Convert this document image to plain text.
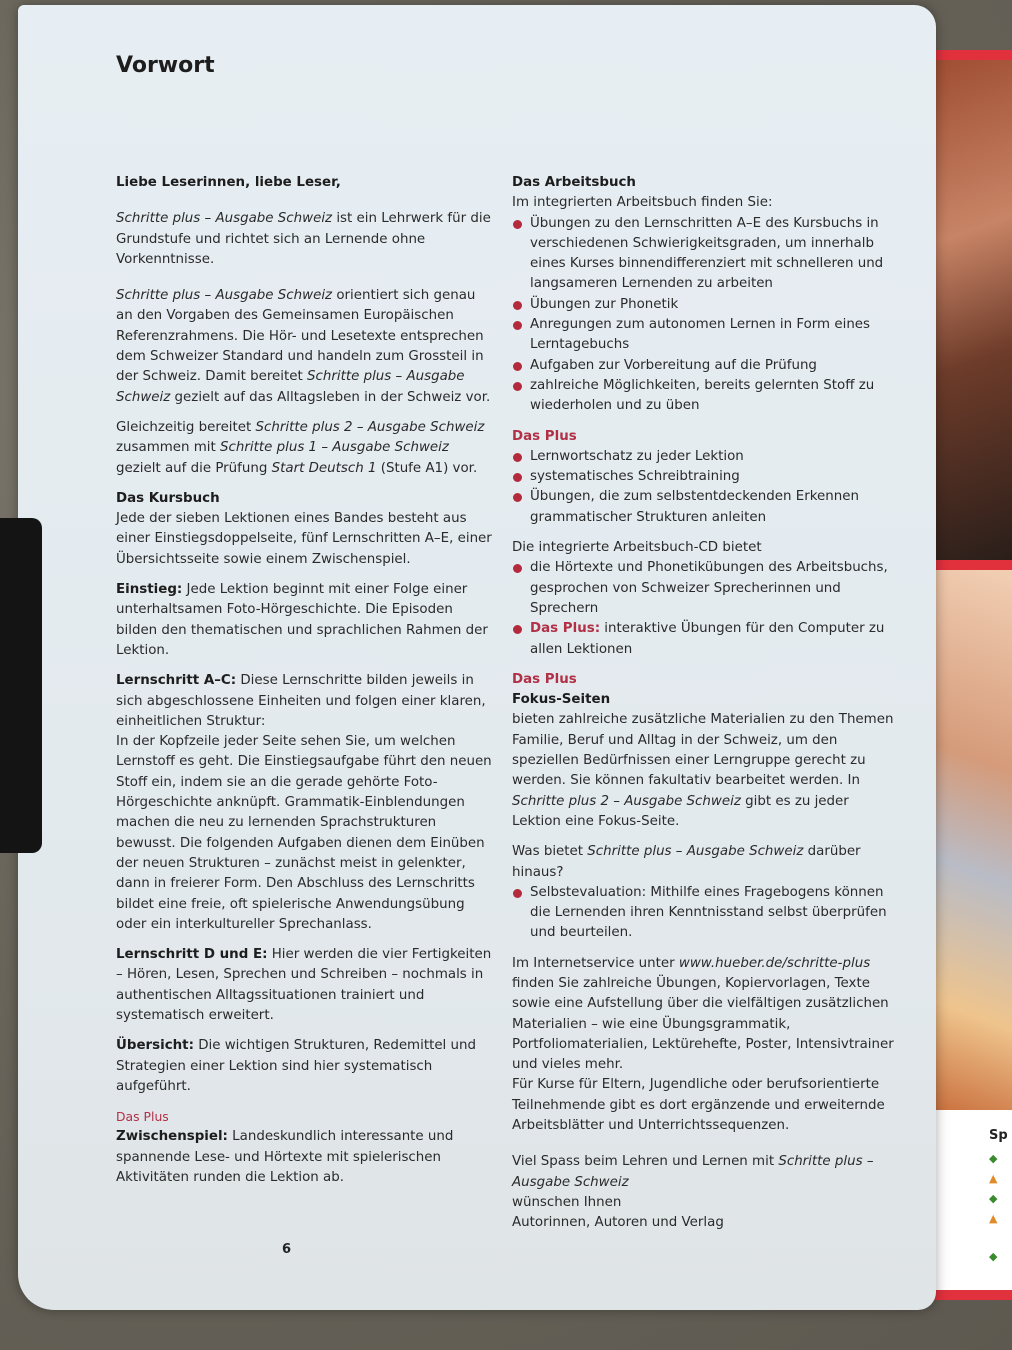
Sp
◆
▲
◆
▲
◆
Vorwort

Liebe Leserinnen, liebe Leser,

Schritte plus – Ausgabe Schweiz ist ein Lehrwerk für die Grundstufe und richtet sich an Lernende ohne Vorkenntnisse.

Schritte plus – Ausgabe Schweiz orientiert sich genau an den Vorgaben des Gemeinsamen Europäischen Referenzrahmens. Die Hör- und Lesetexte entsprechen dem Schweizer Standard und handeln zum Grossteil in der Schweiz. Damit bereitet Schritte plus – Ausgabe Schweiz gezielt auf das Alltagsleben in der Schweiz vor.

Gleichzeitig bereitet Schritte plus 2 – Ausgabe Schweiz zusammen mit Schritte plus 1 – Ausgabe Schweiz gezielt auf die Prüfung Start Deutsch 1 (Stufe A1) vor.

Das Kursbuch

Jede der sieben Lektionen eines Bandes besteht aus einer Einstiegsdoppelseite, fünf Lernschritten A–E, einer Übersichtsseite sowie einem Zwischenspiel.

Einstieg: Jede Lektion beginnt mit einer Folge einer unterhaltsamen Foto-Hörgeschichte. Die Episoden bilden den thematischen und sprachlichen Rahmen der Lektion.

Lernschritt A–C: Diese Lernschritte bilden jeweils in sich abgeschlossene Einheiten und folgen einer klaren, einheitlichen Struktur:

In der Kopfzeile jeder Seite sehen Sie, um welchen Lernstoff es geht. Die Einstiegsaufgabe führt den neuen Stoff ein, indem sie an die gerade gehörte Foto-Hörgeschichte anknüpft. Grammatik-Einblendungen machen die neu zu lernenden Sprachstrukturen bewusst. Die folgenden Aufgaben dienen dem Einüben der neuen Strukturen – zunächst meist in gelenkter, dann in freierer Form. Den Abschluss des Lernschritts bildet eine freie, oft spielerische Anwendungsübung oder ein interkultureller Sprechanlass.

Lernschritt D und E: Hier werden die vier Fertigkeiten – Hören, Lesen, Sprechen und Schreiben – nochmals in authentischen Alltagssituationen trainiert und systematisch erweitert.

Übersicht: Die wichtigen Strukturen, Redemittel und Strategien einer Lektion sind hier systematisch aufgeführt.

Das Plus

Zwischenspiel: Landeskundlich interessante und spannende Lese- und Hörtexte mit spielerischen Aktivitäten runden die Lektion ab.

Das Arbeitsbuch

Im integrierten Arbeitsbuch finden Sie:

Übungen zu den Lernschritten A–E des Kursbuchs in verschiedenen Schwierigkeitsgraden, um innerhalb eines Kurses binnendifferenziert mit schnelleren und langsameren Lernenden zu arbeiten
Übungen zur Phonetik
Anregungen zum autonomen Lernen in Form eines Lerntagebuchs
Aufgaben zur Vorbereitung auf die Prüfung
zahlreiche Möglichkeiten, bereits gelernten Stoff zu wiederholen und zu üben

Das Plus

Lernwortschatz zu jeder Lektion
systematisches Schreibtraining
Übungen, die zum selbstentdeckenden Erkennen grammatischer Strukturen anleiten

Die integrierte Arbeitsbuch-CD bietet

die Hörtexte und Phonetikübungen des Arbeitsbuchs, gesprochen von Schweizer Sprecherinnen und Sprechern
Das Plus: interaktive Übungen für den Computer zu allen Lektionen

Das Plus

Fokus-Seiten

bieten zahlreiche zusätzliche Materialien zu den Themen Familie, Beruf und Alltag in der Schweiz, um den speziellen Bedürfnissen einer Lerngruppe gerecht zu werden. Sie können fakultativ bearbeitet werden. In Schritte plus 2 – Ausgabe Schweiz gibt es zu jeder Lektion eine Fokus-Seite.

Was bietet Schritte plus – Ausgabe Schweiz darüber hinaus?

Selbstevaluation: Mithilfe eines Fragebogens können die Lernenden ihren Kenntnisstand selbst überprüfen und beurteilen.

Im Internetservice unter www.hueber.de/schritte-plus finden Sie zahlreiche Übungen, Kopiervorlagen, Texte sowie eine Aufstellung über die vielfältigen zusätzlichen Materialien – wie eine Übungsgrammatik, Portfoliomaterialien, Lektürehefte, Poster, Intensivtrainer und vieles mehr.

Für Kurse für Eltern, Jugendliche oder berufsorientierte Teilnehmende gibt es dort ergänzende und erweiternde Arbeitsblätter und Unterrichtssequenzen.

Viel Spass beim Lehren und Lernen mit Schritte plus – Ausgabe Schweiz

wünschen Ihnen

Autorinnen, Autoren und Verlag

6
